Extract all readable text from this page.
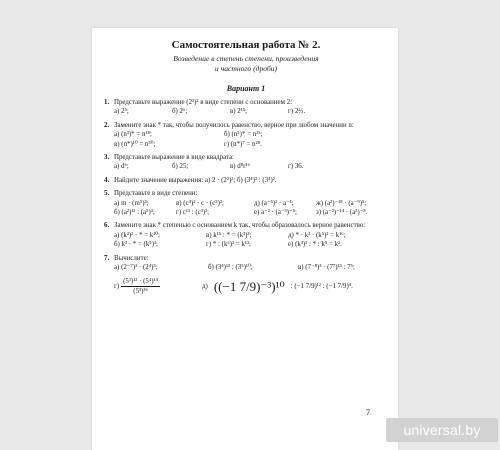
Самостоятельная работа № 2.
Возведение в степень степени, произведения
и частного (дроби)
Вариант 1
1. Представьте выражение (2³)² в виде степени с основанием 2:
а) 2⁵;	б) 2⁶;	в) 2¹⁵;	г) 2⅔.
2. Замените знак * так, чтобы получилось равенство, верное при любом значении n:
а) (n³)* = n¹⁸;	б) (n⁵)* = n²⁵;
в) (n*)¹⁰ = n⁵⁰;	г) (n*)⁷ = n²⁸.
3. Представьте выражение в виде квадрата:
а) d⁶;	б) 25;	в) d⁸r¹⁶	г) 36.
4. Найдите значение выражения: а) 2 · (2²)²; б) (3⁴)³ : (3⁴)².
5. Представьте в виде степени:
а) m · (m⁵)³;	в) (c⁴)² · c · (c⁵)²;	д) (a⁻⁵)² · a⁻¹;	ж) (a²)⁻¹⁸ · (a⁻⁹)⁵;
б) (a²)¹² : (a⁵)³;	г) c¹³ : (c³)³;	е) a⁻² · (a⁻³)⁻⁵;	з) (a⁻²)⁻¹⁴ · (a³)⁻⁸.
6. Замените знак * степенью с основанием k так, чтобы образовалось верное равенство:
а) (k²)² · * = k¹⁰;	в) k¹⁵ : * = (k³)³;	д) * · k² · (k⁵)² = k¹⁶;
б) k³ · * = (k⁵)³;	г) * : (k⁶)² = k¹³;	е) (k³)³ : * : k⁵ = k².
7. Вычислите:
а) (2⁻⁷)³ · (2⁴)⁵;	б) (3⁴)¹³ : (3⁵)¹⁰;	в) (7⁻⁸)³ · (7⁷)¹³ : 7⁵;
$г) \frac{\text{(5³)¹³ · (5⁴)¹⁴}}{\text{(5³)³⁶}}$	д) ((−1 7/9)⁻³)¹⁰ : (−1 7/9)¹² : (−1 7/9)⁴.
7
universal.by
